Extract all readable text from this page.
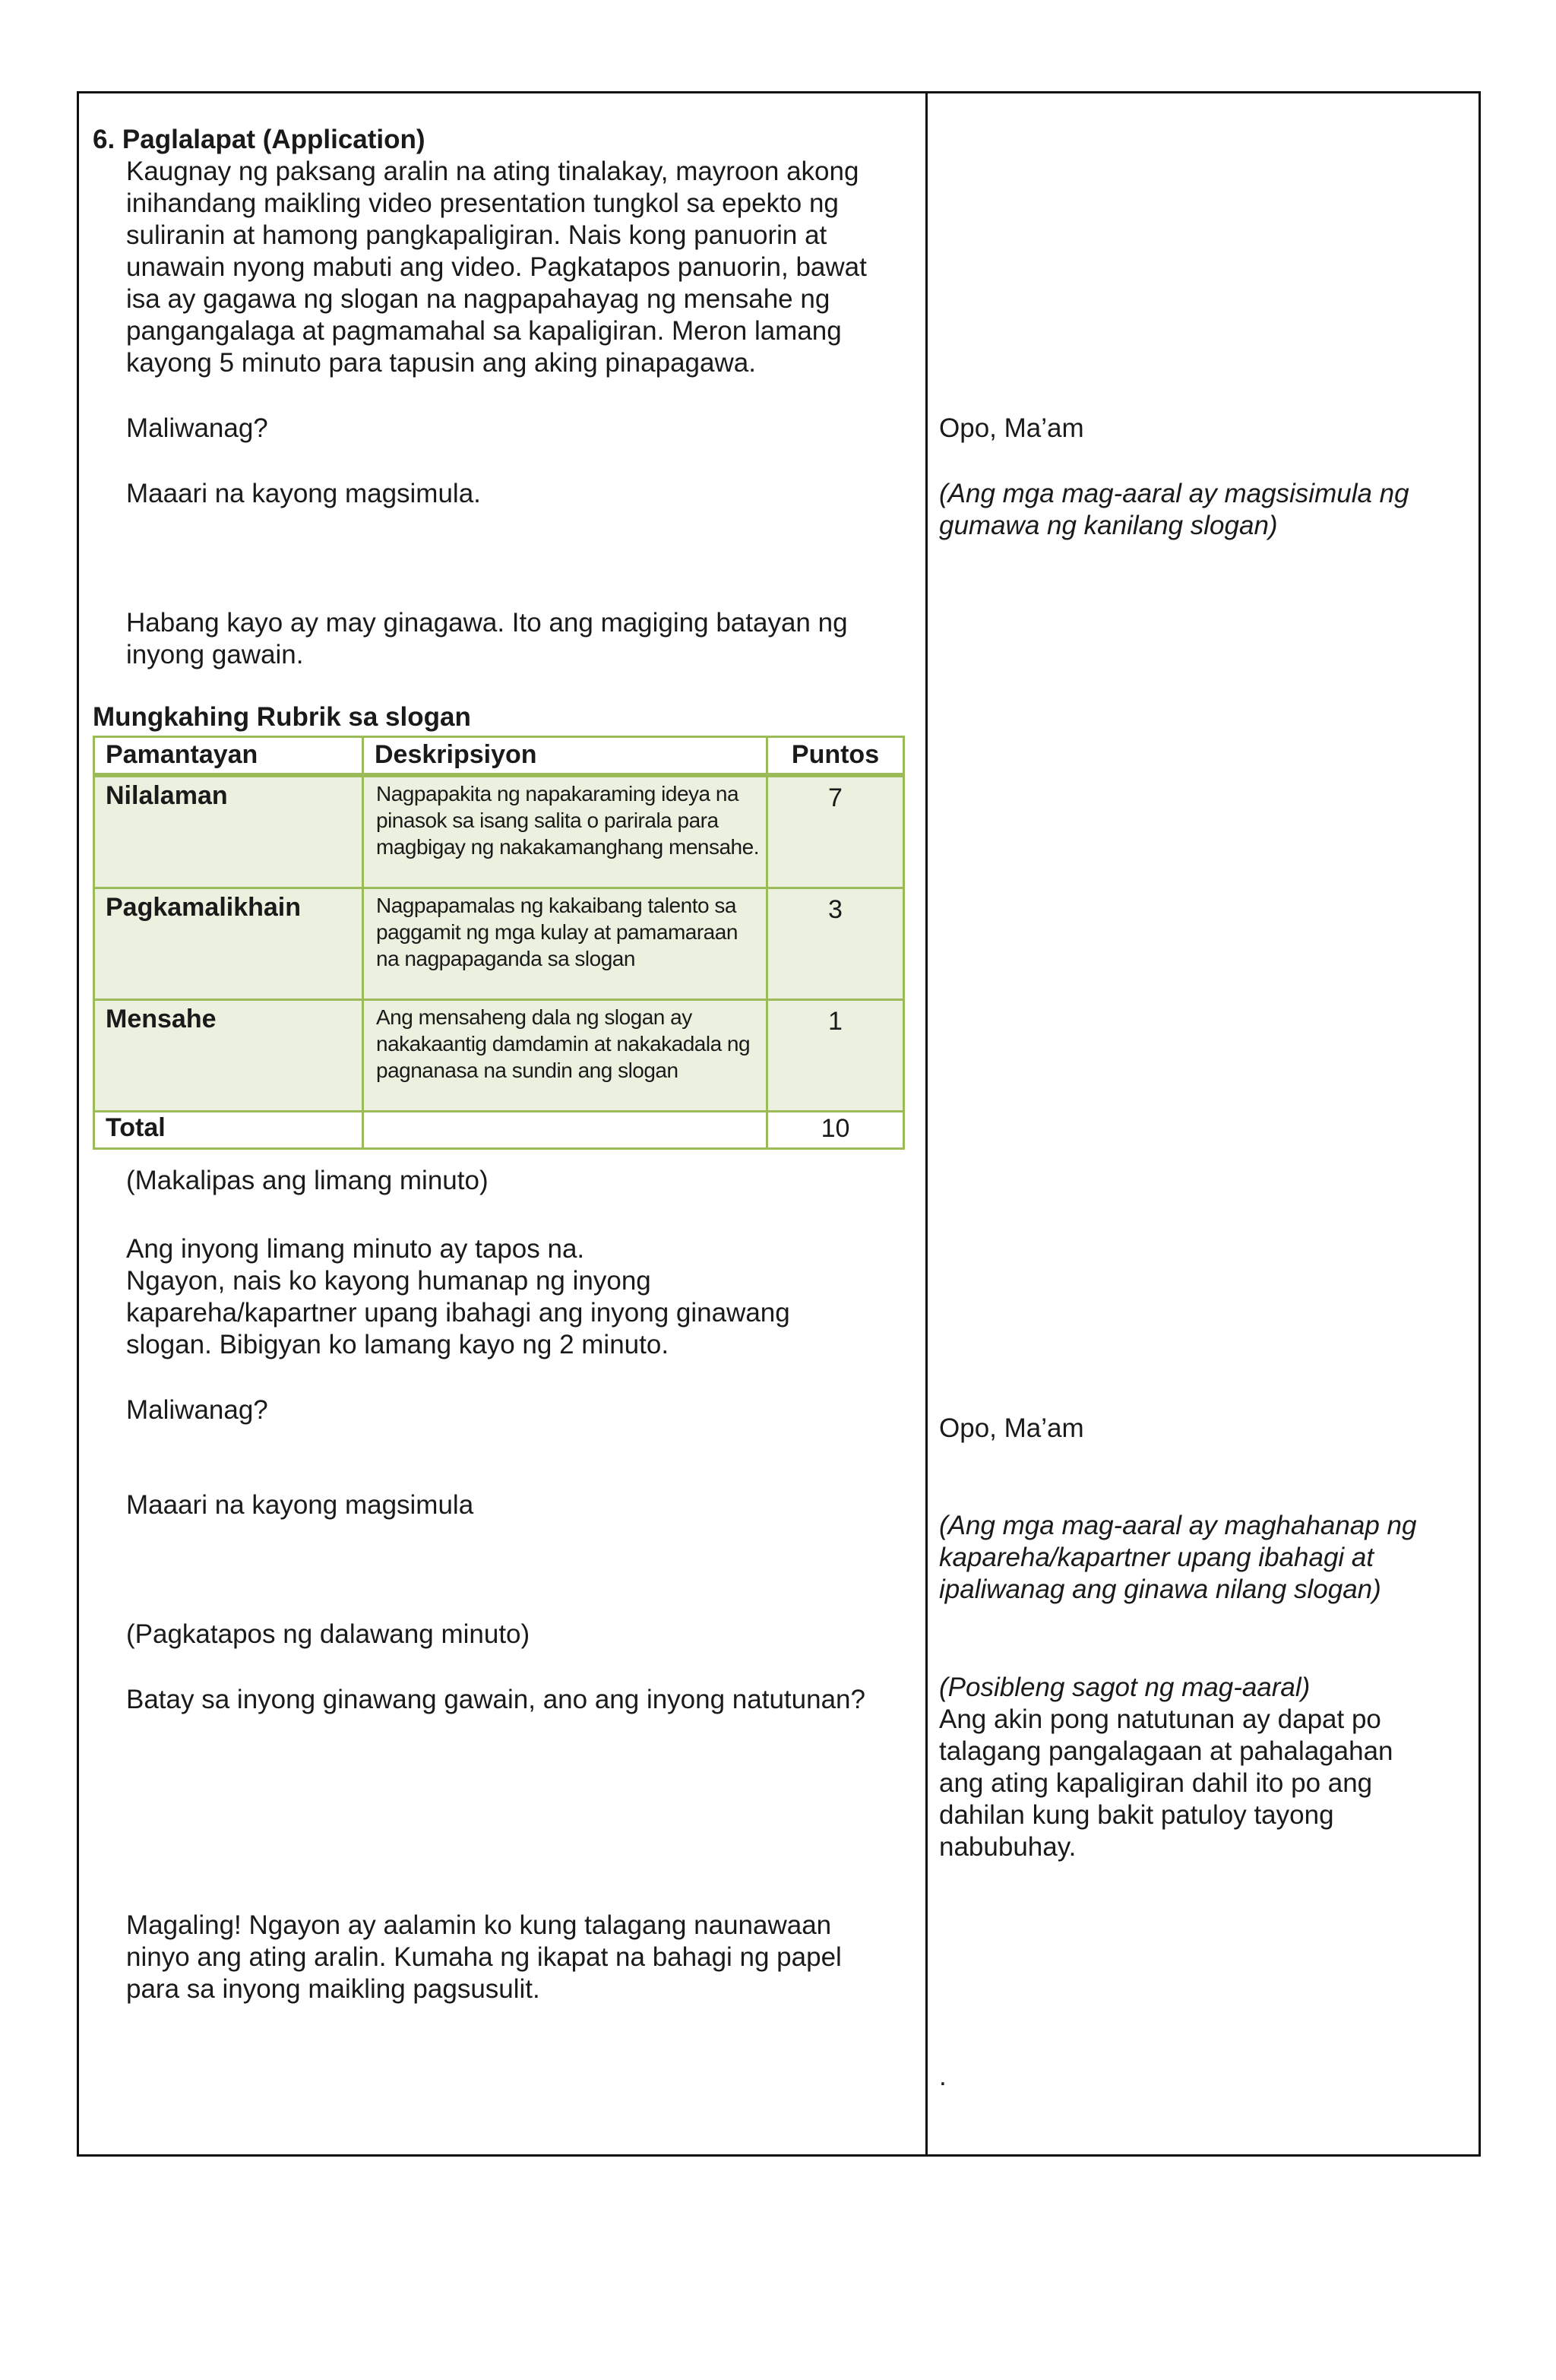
6. Paglalapat (Application)
Kaugnay ng paksang aralin na ating tinalakay, mayroon akong
inihandang maikling video presentation tungkol sa epekto ng
suliranin at hamong pangkapaligiran. Nais kong panuorin at
unawain nyong mabuti ang video. Pagkatapos panuorin, bawat
isa ay gagawa ng slogan na nagpapahayag ng mensahe ng
pangangalaga at pagmamahal sa kapaligiran. Meron lamang
kayong 5 minuto para tapusin ang aking pinapagawa.
Maliwanag?
Maaari na kayong magsimula.
Habang kayo ay may ginagawa. Ito ang magiging batayan ng
inyong gawain.
Mungkahing Rubrik sa slogan
Pamantayan	Deskripsiyon	Puntos
Nilalaman	Nagpapakita ng napakaraming ideya na pinasok sa isang salita o parirala para magbigay ng nakakamanghang mensahe.	7
Pagkamalikhain	Nagpapamalas ng kakaibang talento sa paggamit ng mga kulay at pamamaraan na nagpapaganda sa slogan	3
Mensahe	Ang mensaheng dala ng slogan ay nakakaantig damdamin at nakakadala ng pagnanasa na sundin ang slogan	1
Total		10
(Makalipas ang limang minuto)
Ang inyong limang minuto ay tapos na.
Ngayon, nais ko kayong humanap ng inyong
kapareha/kapartner upang ibahagi ang inyong ginawang
slogan. Bibigyan ko lamang kayo ng 2 minuto.
Maliwanag?
Maaari na kayong magsimula
(Pagkatapos ng dalawang minuto)
Batay sa inyong ginawang gawain, ano ang inyong natutunan?
Magaling! Ngayon ay aalamin ko kung talagang naunawaan
ninyo ang ating aralin. Kumaha ng ikapat na bahagi ng papel
para sa inyong maikling pagsusulit.
Opo, Ma’am
(Ang mga mag-aaral ay magsisimula ng
gumawa ng kanilang slogan)
Opo, Ma’am
(Ang mga mag-aaral ay maghahanap ng
kapareha/kapartner upang ibahagi at
ipaliwanag ang ginawa nilang slogan)
(Posibleng sagot ng mag-aaral)
Ang akin pong natutunan ay dapat po
talagang pangalagaan at pahalagahan
ang ating kapaligiran dahil ito po ang
dahilan kung bakit patuloy tayong
nabubuhay.
.
